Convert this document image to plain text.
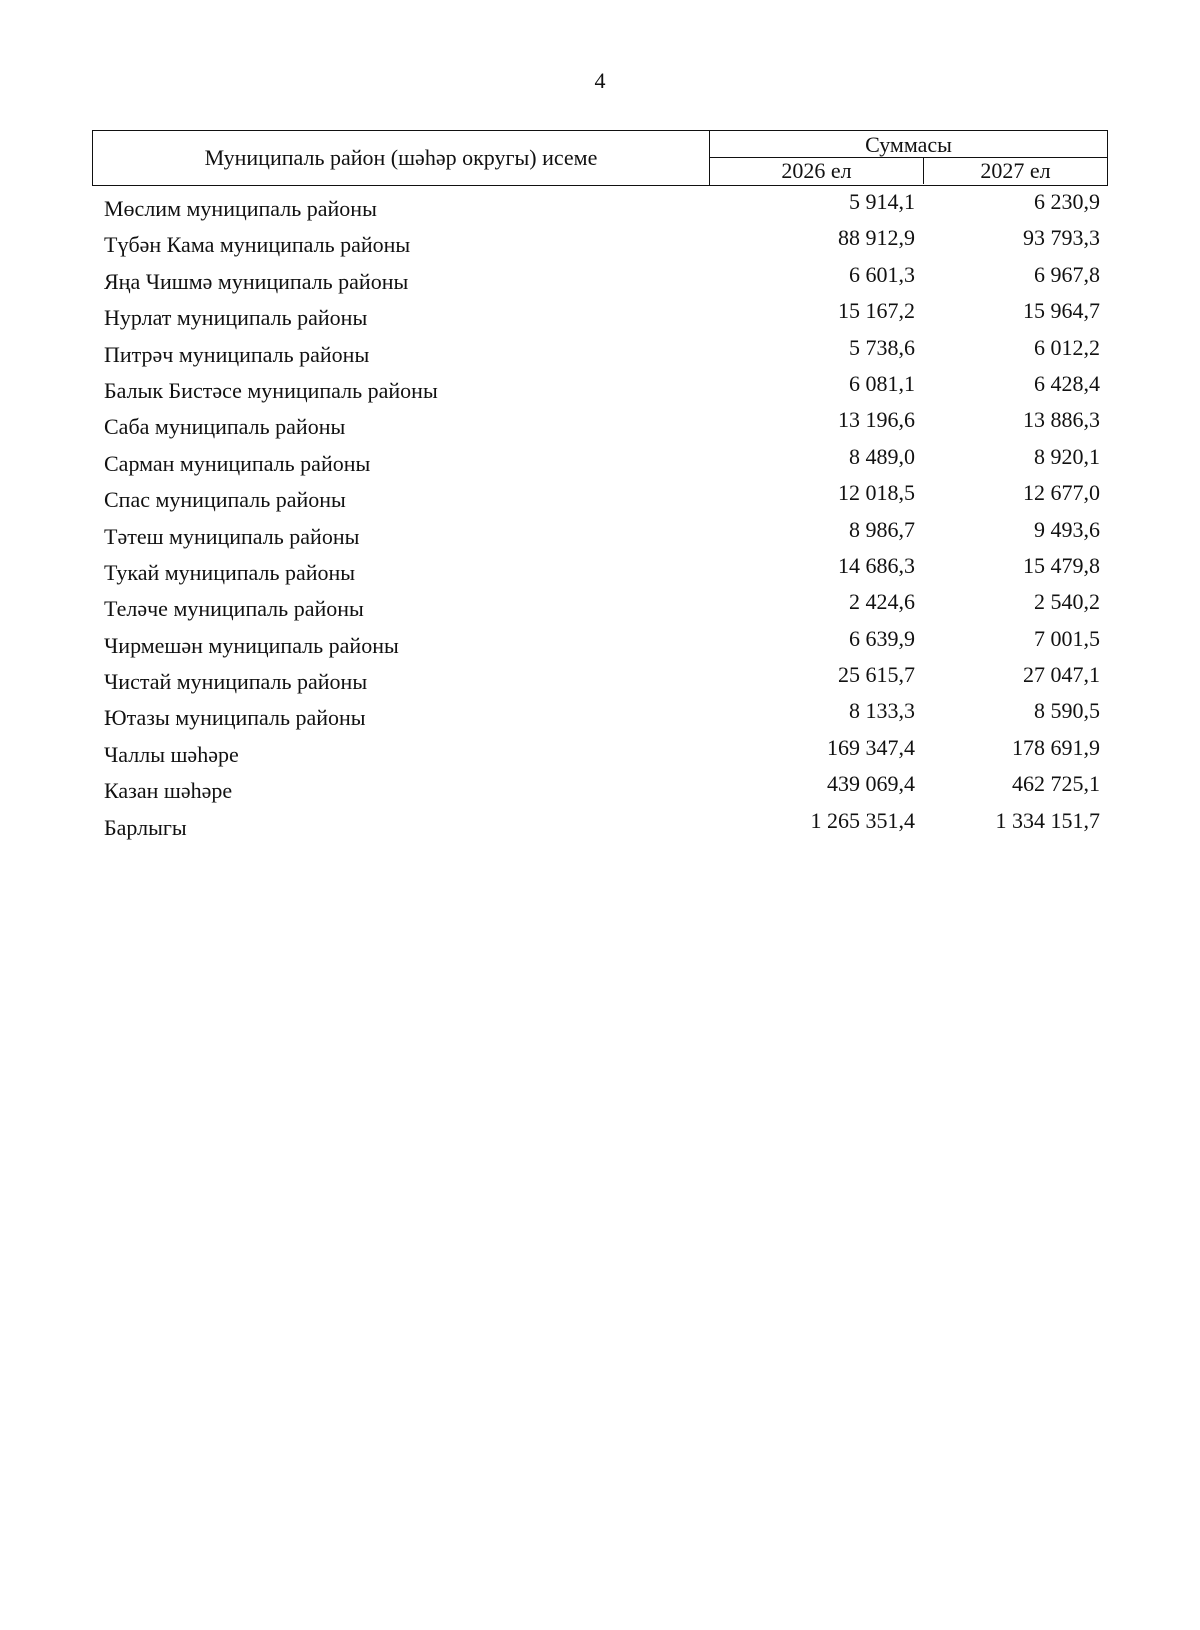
4
Муниципаль район (шәһәр округы) исеме
Суммасы
2026 ел	2027 ел
Мөслим муниципаль районы	5 914,1	6 230,9
Түбән Кама муниципаль районы	88 912,9	93 793,3
Яңа Чишмә муниципаль районы	6 601,3	6 967,8
Нурлат муниципаль районы	15 167,2	15 964,7
Питрәч муниципаль районы	5 738,6	6 012,2
Балык Бистәсе муниципаль районы	6 081,1	6 428,4
Саба муниципаль районы	13 196,6	13 886,3
Сарман муниципаль районы	8 489,0	8 920,1
Спас муниципаль районы	12 018,5	12 677,0
Тәтеш муниципаль районы	8 986,7	9 493,6
Тукай муниципаль районы	14 686,3	15 479,8
Теләче муниципаль районы	2 424,6	2 540,2
Чирмешән муниципаль районы	6 639,9	7 001,5
Чистай муниципаль районы	25 615,7	27 047,1
Ютазы муниципаль районы	8 133,3	8 590,5
Чаллы шәһәре	169 347,4	178 691,9
Казан шәһәре	439 069,4	462 725,1
Барлыгы	1 265 351,4	1 334 151,7
